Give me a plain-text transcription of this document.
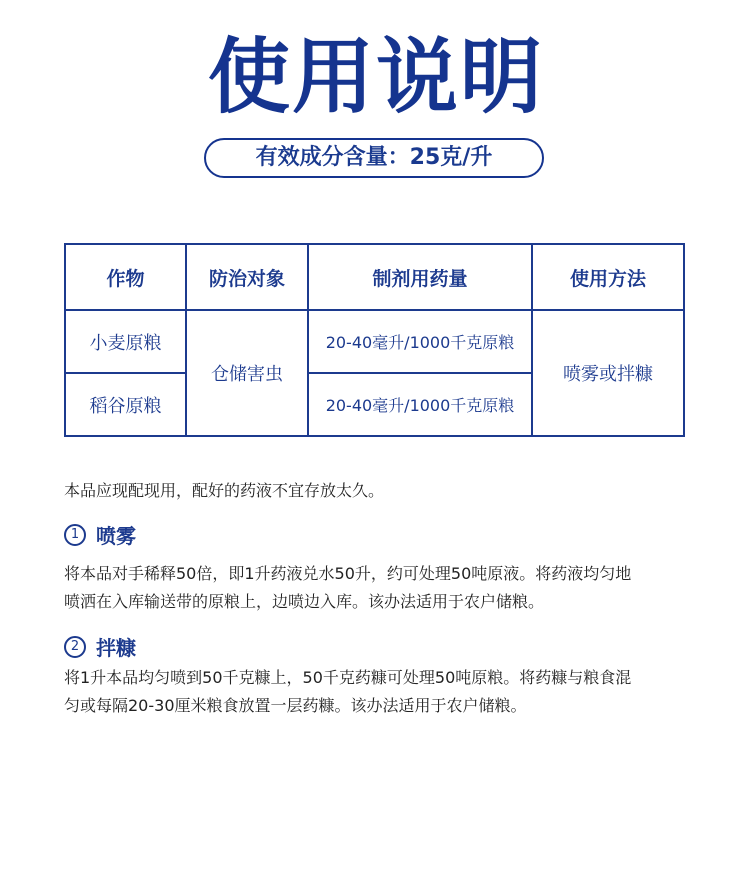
使用说明
有效成分含量：25克/升
作物	防治对象	制剂用药量	使用方法
小麦原粮	仓储害虫	20-40毫升/1000千克原粮	喷雾或拌糠
稻谷原粮		20-40毫升/1000千克原粮	
本品应现配现用，配好的药液不宜存放太久。
1 喷雾
将本品对手稀释50倍，即1升药液兑水50升，约可处理50吨原液。将药液均匀地
喷洒在入库输送带的原粮上，边喷边入库。该办法适用于农户储粮。
2 拌糠
将1升本品均匀喷到50千克糠上，50千克药糠可处理50吨原粮。将药糠与粮食混
匀或每隔20-30厘米粮食放置一层药糠。该办法适用于农户储粮。
